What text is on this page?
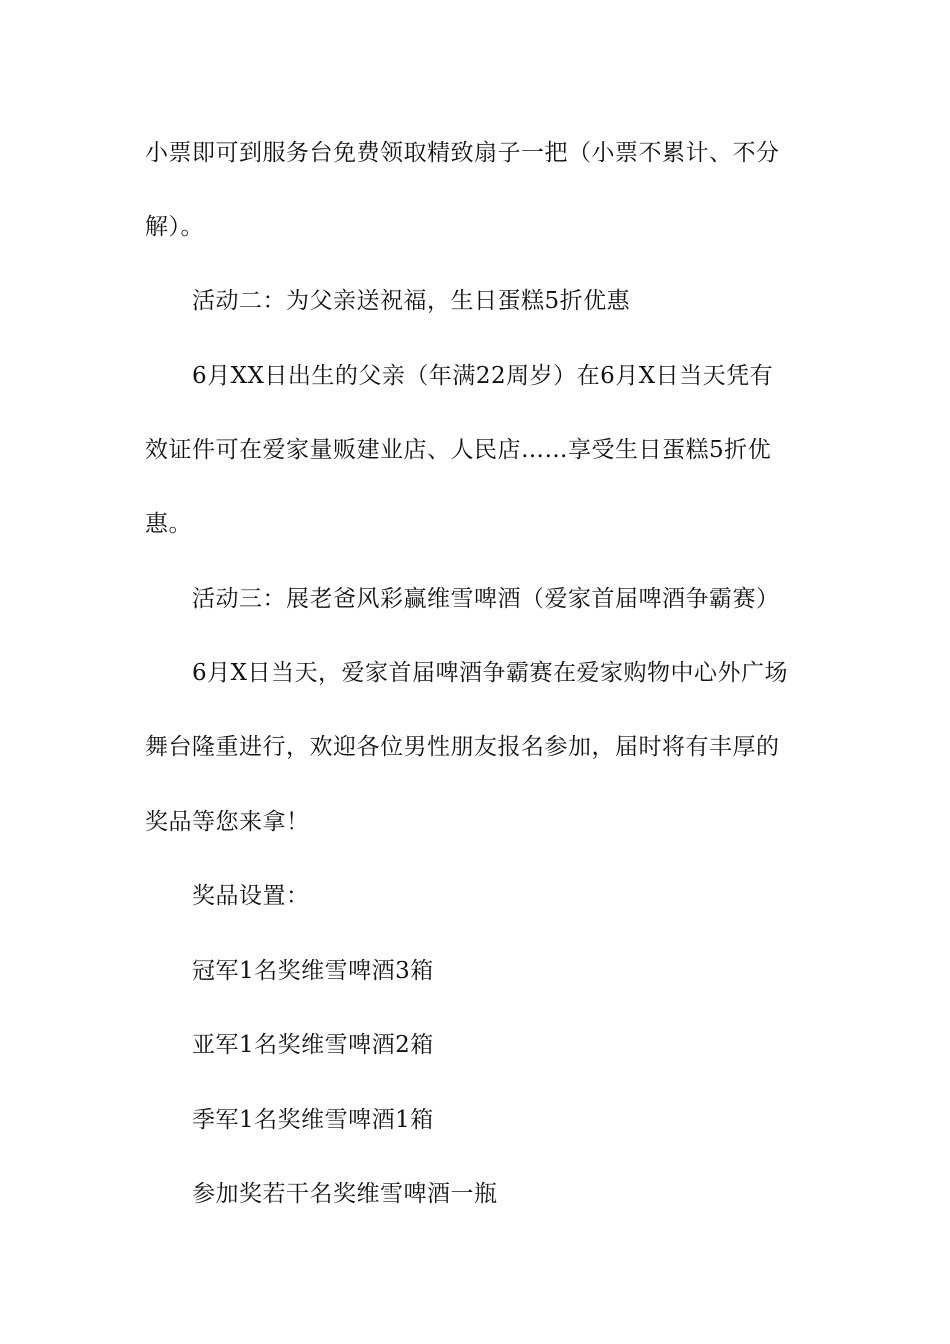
小票即可到服务台免费领取精致扇子一把（小票不累计、不分
解）。
活动二：为父亲送祝福，生日蛋糕5折优惠
6月XX日出生的父亲（年满22周岁）在6月X日当天凭有
效证件可在爱家量贩建业店、人民店……享受生日蛋糕5折优
惠。
活动三：展老爸风彩赢维雪啤酒（爱家首届啤酒争霸赛）
6月X日当天，爱家首届啤酒争霸赛在爱家购物中心外广场
舞台隆重进行，欢迎各位男性朋友报名参加，届时将有丰厚的
奖品等您来拿！
奖品设置：
冠军1名奖维雪啤酒3箱
亚军1名奖维雪啤酒2箱
季军1名奖维雪啤酒1箱
参加奖若干名奖维雪啤酒一瓶
